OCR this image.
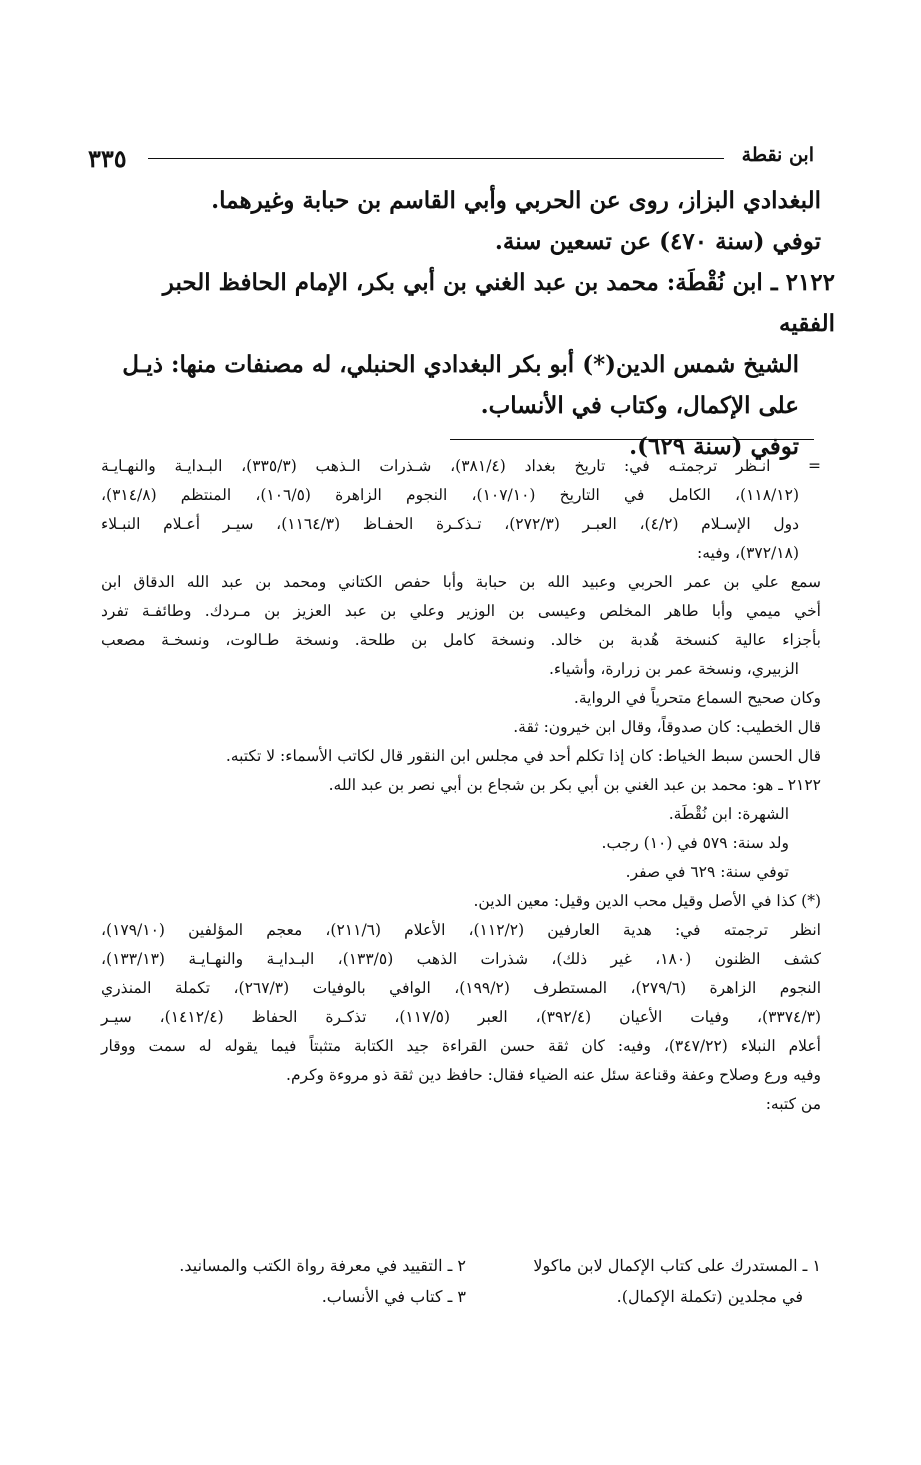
٣٣٥	ابن نقطة

البغدادي البزاز، روى عن الحربي وأبي القاسم بن حبابة وغيرهما.

توفي (سنة ٤٧٠) عن تسعين سنة.

٢١٢٢ ـ ابن نُقْطَة: محمد بن عبد الغني بن أبي بكر، الإمام الحافظ الحبر الفقيه

الشيخ شمس الدين(*) أبو بكر البغدادي الحنبلي، له مصنفات منها: ذيـل

على الإكمال، وكتاب في الأنساب.

توفي (سنة ٦٢٩).

=  انـظر ترجمتـه في: تاريخ بغداد (٣٨١/٤)، شـذرات الـذهب (٣٣٥/٣)، البـدايـة والنهـايـة

(١١٨/١٢)، الكامل في التاريخ (١٠٧/١٠)، النجوم الزاهرة (١٠٦/٥)، المنتظم (٣١٤/٨)،

دول الإسـلام (٤/٢)، العبـر (٢٧٢/٣)، تـذكـرة الحفـاظ (١١٦٤/٣)، سيـر أعـلام النبـلاء

(٣٧٢/١٨)، وفيه:

سمع علي بن عمر الحربي وعبيد الله بن حبابة وأبا حفص الكتاني ومحمد بن عبد الله الدقاق ابن

أخي ميمي وأبا طاهر المخلص وعيسى بن الوزير وعلي بن عبد العزيز بن مـردك. وطائفـة تفرد

بأجزاء عالية كنسخة هُدبة بن خالد. ونسخة كامل بن طلحة. ونسخة طـالوت، ونسخـة مصعب

الزبيري، ونسخة عمر بن زرارة، وأشياء.

وكان صحيح السماع متحرياً في الرواية.

قال الخطيب: كان صدوقاً، وقال ابن خيرون: ثقة.

قال الحسن سبط الخياط: كان إذا تكلم أحد في مجلس ابن النقور قال لكاتب الأسماء: لا تكتبه.

٢١٢٢ ـ هو: محمد بن عبد الغني بن أبي بكر بن شجاع بن أبي نصر بن عبد الله.

الشهرة: ابن نُقْطَة.

ولد سنة: ٥٧٩ في (١٠) رجب.

توفي سنة: ٦٢٩ في صفر.

(*) كذا في الأصل وقيل محب الدين وقيل: معين الدين.

انظر ترجمته في: هدية العارفين (١١٢/٢)، الأعلام (٢١١/٦)، معجم المؤلفين (١٧٩/١٠)،

كشف الظنون (١٨٠، غير ذلك)، شذرات الذهب (١٣٣/٥)، البـدايـة والنهـايـة (١٣٣/١٣)،

النجوم الزاهرة (٢٧٩/٦)، المستطرف (١٩٩/٢)، الوافي بالوفيات (٢٦٧/٣)، تكملة المنذري

(٣٣٧٤/٣)، وفيات الأعيان (٣٩٢/٤)، العبر (١١٧/٥)، تذكـرة الحفاظ (١٤١٢/٤)، سيـر

أعلام النبلاء (٣٤٧/٢٢)، وفيه: كان ثقة حسن القراءة جيد الكتابة متثبتاً فيما يقوله له سمت ووقار

وفيه ورع وصلاح وعفة وقناعة سئل عنه الضياء فقال: حافظ دين ثقة ذو مروءة وكرم.

من كتبه:

١ ـ المستدرك على كتاب الإكمال لابن ماكولا

في مجلدين (تكملة الإكمال).

٢ ـ التقييد في معرفة رواة الكتب والمسانيد.

٣ ـ كتاب في الأنساب.
